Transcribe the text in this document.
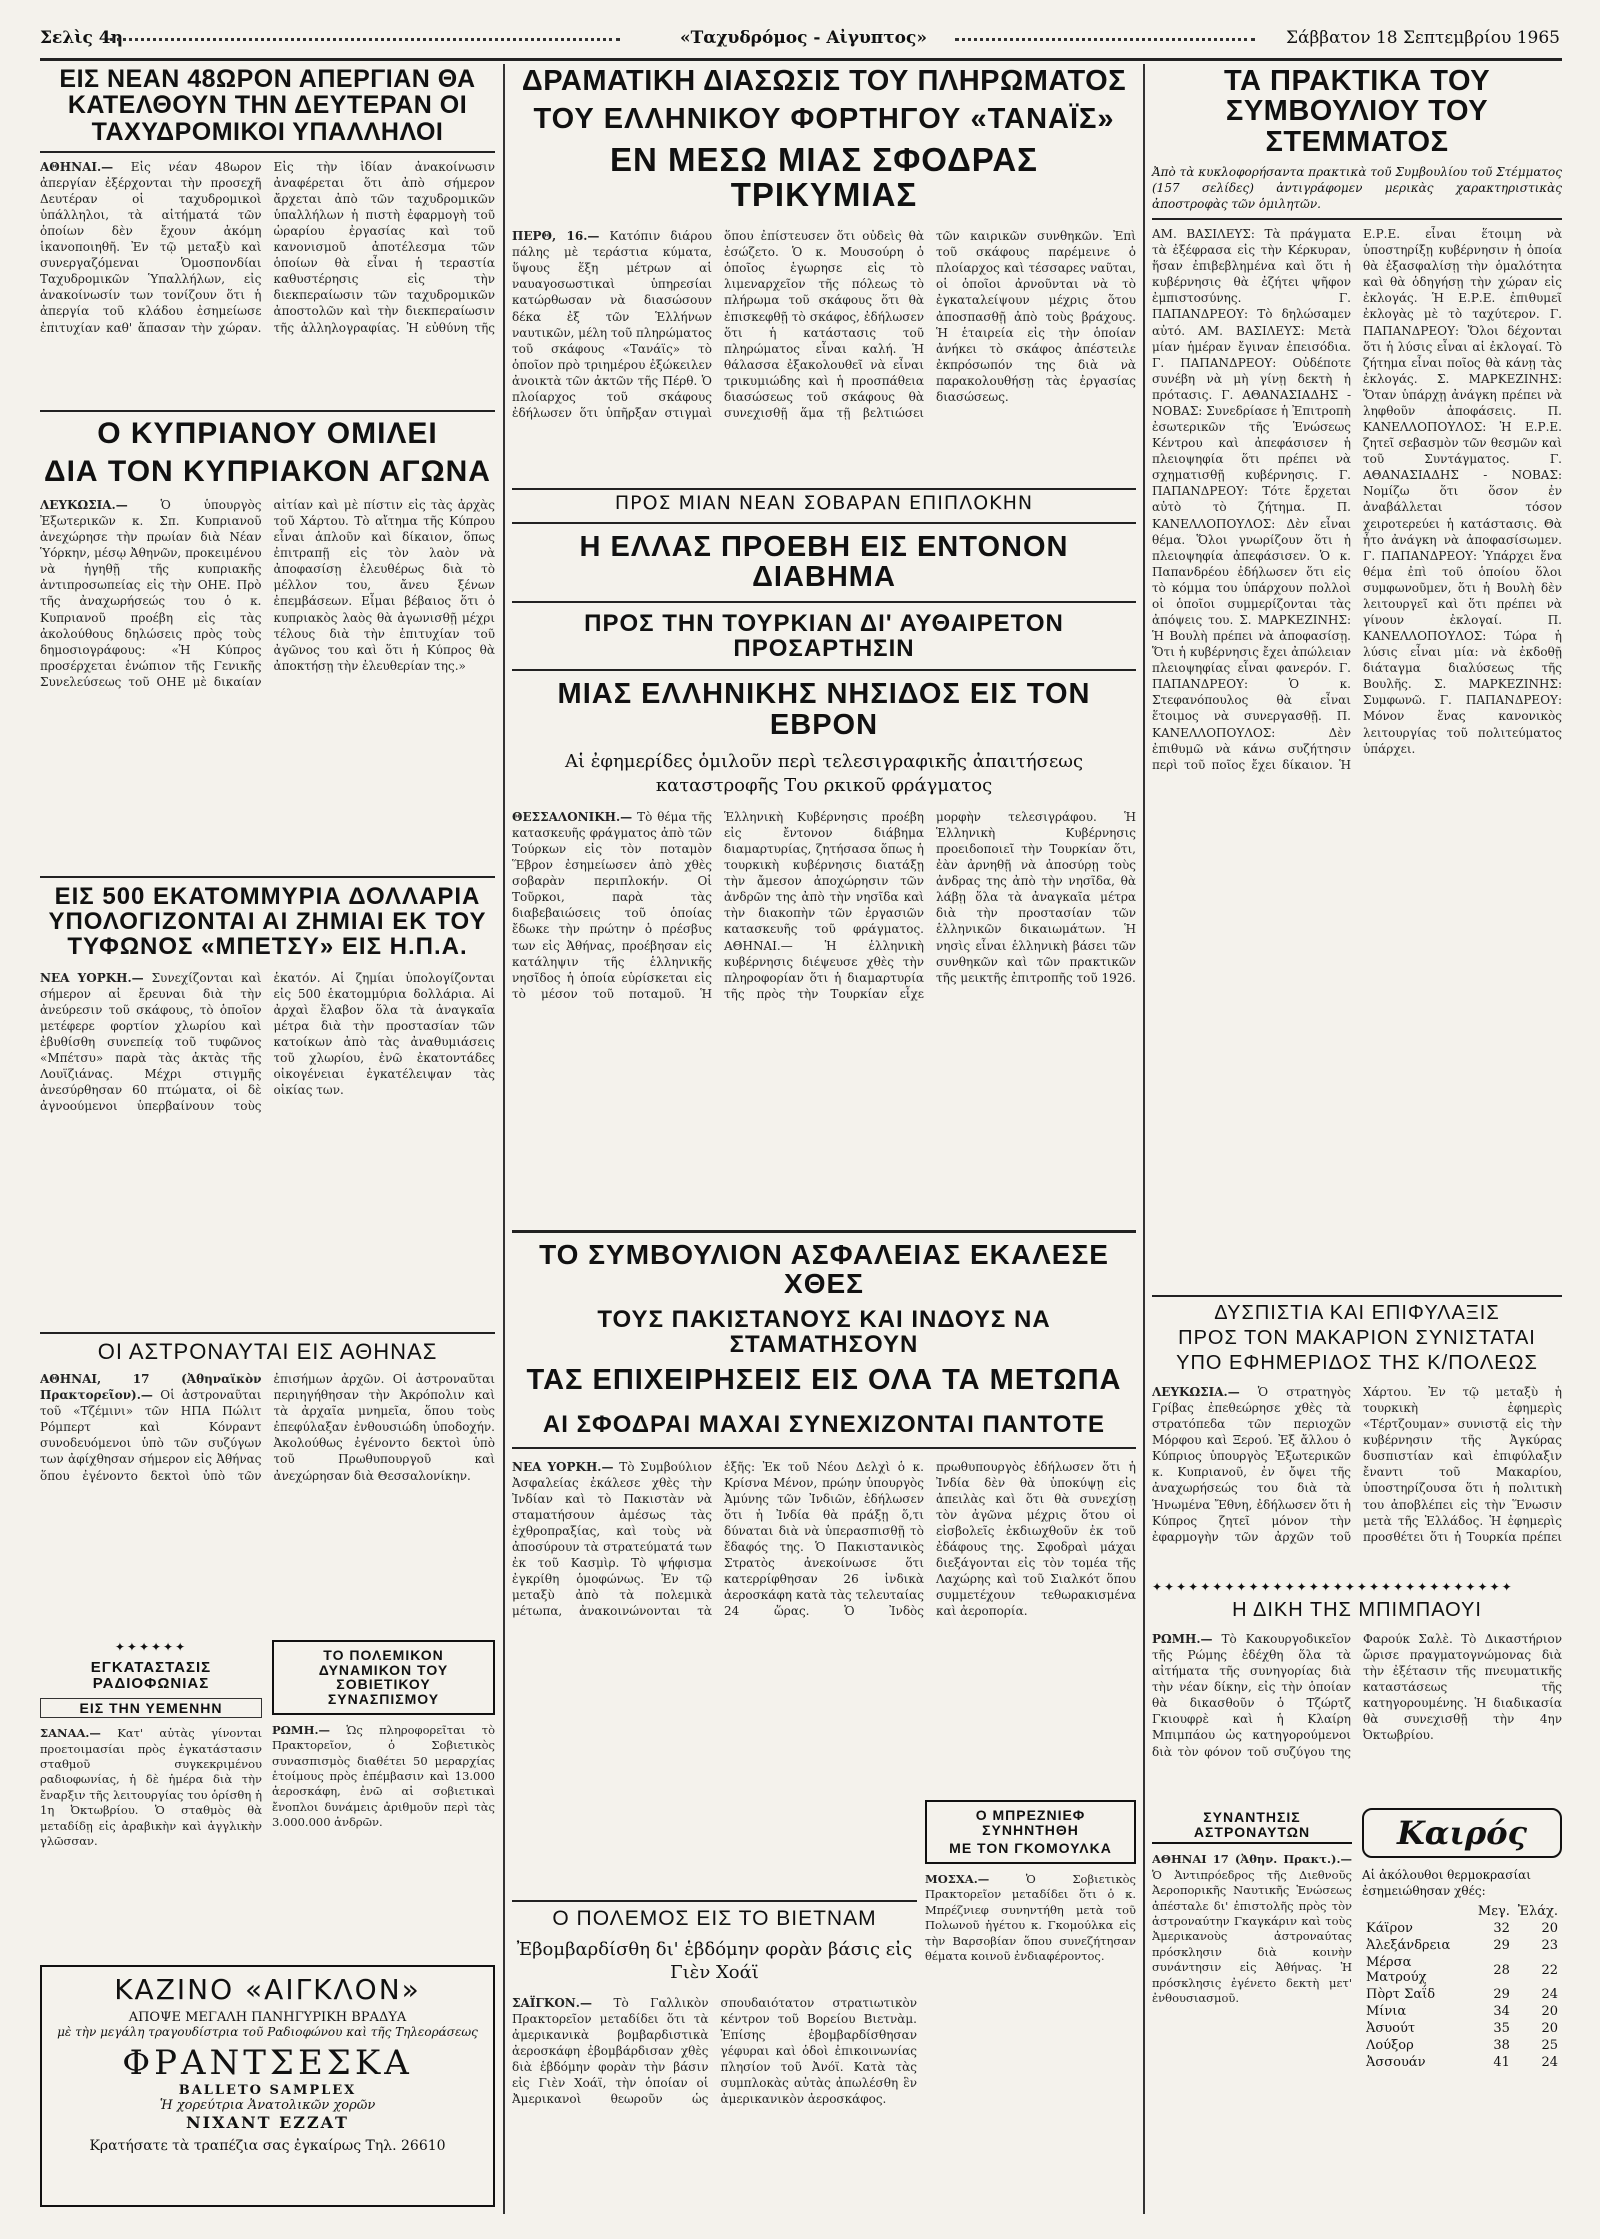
Σελὶς 4η	«Ταχυδρόμος - Αἰγυπτος»	Σάββατον 18 Σεπτεμβρίου 1965
ΕΙΣ ΝΕΑΝ 48ΩΡΟΝ ΑΠΕΡΓΙΑΝ ΘΑ ΚΑΤΕΛΘΟΥΝ ΤΗΝ ΔΕΥΤΕΡΑΝ ΟΙ ΤΑΧΥΔΡΟΜΙΚΟΙ ΥΠΑΛΛΗΛΟΙ

ΑΘΗΝΑΙ.— Εἰς νέαν 48ωρον ἀπεργίαν ἐξέρχονται τὴν προσεχῆ Δευτέραν οἱ ταχυδρομικοὶ ὑπάλληλοι, τὰ αἰτήματά τῶν ὁποίων δὲν ἔχουν ἀκόμη ἱκανοποιηθῆ. Ἐν τῷ μεταξὺ καὶ συνεργαζόμεναι Ὁμοσπονδίαι Ταχυδρομικῶν Ὑπαλλήλων, εἰς ἀνακοίνωσίν των τονίζουν ὅτι ἡ ἀπεργία τοῦ κλάδου ἐσημείωσε ἐπιτυχίαν καθ' ἅπασαν τὴν χώραν. Εἰς τὴν ἰδίαν ἀνακοίνωσιν ἀναφέρεται ὅτι ἀπὸ σήμερον ἄρχεται ἀπὸ τῶν ταχυδρομικῶν ὑπαλλήλων ἡ πιστὴ ἐφαρμογὴ τοῦ ὡραρίου ἐργασίας καὶ τοῦ κανονισμοῦ ἀποτέλεσμα τῶν ὁποίων θὰ εἶναι ἡ τεραστία καθυστέρησις εἰς τὴν διεκπεραίωσιν τῶν ταχυδρομικῶν ἀποστολῶν καὶ τὴν διεκπεραίωσιν τῆς ἀλληλογραφίας. Ἡ εὐθύνη τῆς

Ο ΚΥΠΡΙΑΝΟΥ ΟΜΙΛΕΙ
ΔΙΑ ΤΟΝ ΚΥΠΡΙΑΚΟΝ ΑΓΩΝΑ

ΛΕΥΚΩΣΙΑ.—	Ὁ ὑπουργὸς Ἐξωτερικῶν κ. Σπ. Κυπριανοῦ ἀνεχώρησε τὴν πρωίαν διὰ Νέαν Ὑόρκην, μέσῳ Ἀθηνῶν, προκειμένου νὰ ἡγηθῇ τῆς κυπριακῆς ἀντιπροσωπείας εἰς τὴν ΟΗΕ. Πρὸ τῆς ἀναχωρήσεώς του ὁ κ. Κυπριανοῦ προέβη εἰς τὰς ἀκολούθους δηλώσεις πρὸς τοὺς δημοσιογράφους: «Ἡ Κύπρος προσέρχεται ἑνώπιον τῆς Γενικῆς Συνελεύσεως τοῦ ΟΗΕ μὲ δικαίαν αἰτίαν καὶ μὲ πίστιν εἰς τὰς ἀρχὰς τοῦ Χάρτου. Τὸ αἴτημα τῆς Κύπρου εἶναι ἁπλοῦν καὶ δίκαιον, ὅπως ἐπιτραπῇ εἰς τὸν λαὸν νὰ ἀποφασίσῃ ἐλευθέρως διὰ τὸ μέλλον του, ἄνευ ξένων ἐπεμβάσεων. Εἶμαι βέβαιος ὅτι ὁ κυπριακὸς λαὸς θὰ ἀγωνισθῇ μέχρι τέλους διὰ τὴν ἐπιτυχίαν τοῦ ἀγῶνος του καὶ ὅτι ἡ Κύπρος θὰ ἀποκτήσῃ τὴν ἐλευθερίαν της.»

ΕΙΣ 500 ΕΚΑΤΟΜΜΥΡΙΑ ΔΟΛΛΑΡΙΑ ΥΠΟΛΟΓΙΖΟΝΤΑΙ ΑΙ ΖΗΜΙΑΙ ΕΚ ΤΟΥ ΤΥΦΩΝΟΣ «ΜΠΕΤΣΥ» ΕΙΣ Η.Π.Α.

ΝΕΑ ΥΟΡΚΗ.— Συνεχίζονται καὶ σήμερον αἱ ἔρευναι διὰ τὴν ἀνεύρεσιν τοῦ σκάφους, τὸ ὁποῖον μετέφερε φορτίον χλωρίου καὶ ἐβυθίσθη συνεπείᾳ τοῦ τυφῶνος «Μπέτσυ» παρὰ τὰς ἀκτὰς τῆς Λουϊζιάνας. Μέχρι στιγμῆς ἀνεσύρθησαν 60 πτώματα, οἱ δὲ ἀγνοούμενοι ὑπερβαίνουν τοὺς ἑκατόν. Αἱ ζημίαι ὑπολογίζονται εἰς 500 ἑκατομμύρια δολλάρια. Αἱ ἀρχαὶ ἔλαβον ὅλα τὰ ἀναγκαῖα μέτρα διὰ τὴν προστασίαν τῶν κατοίκων ἀπὸ τὰς ἀναθυμιάσεις τοῦ χλωρίου, ἐνῶ ἐκατοντάδες οἰκογένειαι ἐγκατέλειψαν τὰς οἰκίας των.

ΟΙ ΑΣΤΡΟΝΑΥΤΑΙ ΕΙΣ ΑΘΗΝΑΣ

ΑΘΗΝΑΙ, 17 (Ἀθηναϊκὸν Πρακτορεῖον).— Οἱ ἀστροναῦται τοῦ «Τζέμινι» τῶν ΗΠΑ Πώλιτ Ρόμπερτ καὶ Κόνραντ συνοδευόμενοι ὑπὸ τῶν συζύγων των ἀφίχθησαν σήμερον εἰς Ἀθήνας ὅπου ἐγένοντο δεκτοὶ ὑπὸ τῶν ἐπισήμων ἀρχῶν. Οἱ ἀστροναῦται περιηγήθησαν τὴν Ἀκρόπολιν καὶ τὰ ἀρχαῖα μνημεῖα, ὅπου τοὺς ἐπεφύλαξαν ἐνθουσιώδη ὑποδοχήν. Ἀκολούθως ἐγένοντο δεκτοὶ ὑπὸ τοῦ Πρωθυπουργοῦ καὶ ἀνεχώρησαν διὰ Θεσσαλονίκην.

✦✦✦✦✦✦
ΕΓΚΑΤΑΣΤΑΣΙΣ ΡΑΔΙΟΦΩΝΙΑΣ
ΕΙΣ ΤΗΝ ΥΕΜΕΝΗΝ

ΣΑΝΑΑ.— Κατ' αὐτὰς γίνονται προετοιμασίαι πρὸς ἐγκατάστασιν σταθμοῦ συγκεκριμένου ραδιοφωνίας, ἡ δὲ ἡμέρα διὰ τὴν ἔναρξιν τῆς λειτουργίας του ὁρίσθη ἡ 1η Ὀκτωβρίου. Ὁ σταθμὸς θὰ μεταδίδῃ εἰς ἀραβικὴν καὶ ἀγγλικὴν γλῶσσαν.

ΤΟ ΠΟΛΕΜΙΚΟΝ ΔΥΝΑΜΙΚΟΝ ΤΟΥ ΣΟΒΙΕΤΙΚΟΥ ΣΥΝΑΣΠΙΣΜΟΥ

ΡΩΜΗ.— Ὡς πληροφορεῖται τὸ Πρακτορεῖον, ὁ Σοβιετικὸς συνασπισμὸς διαθέτει 50 μεραρχίας ἑτοίμους πρὸς ἐπέμβασιν καὶ 13.000 ἀεροσκάφη, ἐνῶ αἱ σοβιετικαὶ ἔνοπλοι δυνάμεις ἀριθμοῦν περὶ τὰς 3.000.000 ἀνδρῶν.

ΚΑΖΙΝΟ «ΑΙΓΚΛΟΝ»
ΑΠΟΨΕ ΜΕΓΑΛΗ ΠΑΝΗΓΥΡΙΚΗ ΒΡΑΔΥΑ
μὲ τὴν μεγάλη τραγουδίστρια τοῦ Ραδιοφώνου καὶ τῆς Τηλεοράσεως
ΦΡΑΝΤΣΕΣΚΑ
BALLETO SAMPLEX
Ἡ χορεύτρια Ἀνατολικῶν χορῶν
ΝΙΧΑΝΤ ΕΖΖΑΤ
Κρατήσατε τὰ τραπέζια σας ἐγκαίρως Τηλ. 26610
ΔΡΑΜΑΤΙΚΗ ΔΙΑΣΩΣΙΣ ΤΟΥ ΠΛΗΡΩΜΑΤΟΣ
ΤΟΥ ΕΛΛΗΝΙΚΟΥ ΦΟΡΤΗΓΟΥ «ΤΑΝΑΪΣ»
ΕΝ ΜΕΣΩ ΜΙΑΣ ΣΦΟΔΡΑΣ ΤΡΙΚΥΜΙΑΣ

ΠΕΡΘ, 16.— Κατόπιν διάρου πάλης μὲ τεράστια κύματα, ὕψους ἕξη μέτρων αἱ ναυαγοσωστικαὶ ὑπηρεσίαι κατώρθωσαν νὰ διασώσουν δέκα ἐξ τῶν Ἑλλήνων ναυτικῶν, μέλη τοῦ πληρώματος τοῦ σκάφους «Τανάϊς» τὸ ὁποῖον πρὸ τριημέρου ἐξώκειλεν ἀνοικτὰ τῶν ἀκτῶν τῆς Πέρθ. Ὁ πλοίαρχος τοῦ σκάφους ἐδήλωσεν ὅτι ὑπῆρξαν στιγμαὶ ὅπου ἐπίστευσεν ὅτι οὐδεὶς θὰ ἐσώζετο. Ὁ κ. Μουσούρη ὁ ὁποῖος ἐγωρησε εἰς τὸ λιμεναρχεῖον τῆς πόλεως τὸ πλήρωμα τοῦ σκάφους ὅτι θὰ ἐπισκεφθῇ τὸ σκάφος, ἐδήλωσεν ὅτι ἡ κατάστασις τοῦ πληρώματος εἶναι καλή. Ἡ θάλασσα ἐξακολουθεῖ νὰ εἶναι τρικυμιώδης καὶ ἡ προσπάθεια διασώσεως τοῦ σκάφους θὰ συνεχισθῇ ἅμα τῇ βελτιώσει τῶν καιρικῶν συνθηκῶν. Ἐπὶ τοῦ σκάφους παρέμεινε ὁ πλοίαρχος καὶ τέσσαρες ναῦται, οἱ ὁποῖοι ἀρνοῦνται νὰ τὸ ἐγκαταλείψουν μέχρις ὅτου ἀποσπασθῇ ἀπὸ τοὺς βράχους. Ἡ ἑταιρεία εἰς τὴν ὁποίαν ἀνήκει τὸ σκάφος ἀπέστειλε ἐκπρόσωπόν της διὰ νὰ παρακολουθήσῃ τὰς ἐργασίας διασώσεως.

ΠΡΟΣ ΜΙΑΝ ΝΕΑΝ ΣΟΒΑΡΑΝ ΕΠΙΠΛΟΚΗΝ
Η ΕΛΛΑΣ ΠΡΟΕΒΗ ΕΙΣ ΕΝΤΟΝΟΝ ΔΙΑΒΗΜΑ
ΠΡΟΣ ΤΗΝ ΤΟΥΡΚΙΑΝ ΔΙ' ΑΥΘΑΙΡΕΤΟΝ ΠΡΟΣΑΡΤΗΣΙΝ
ΜΙΑΣ ΕΛΛΗΝΙΚΗΣ ΝΗΣΙΔΟΣ ΕΙΣ ΤΟΝ ΕΒΡΟΝ
Αἱ ἐφημερίδες ὁμιλοῦν περὶ τελεσιγραφικῆς ἀπαιτήσεως καταστροφῆς Του ρκικοῦ φράγματος

ΘΕΣΣΑΛΟΝΙΚΗ.— Τὸ θέμα τῆς κατασκευῆς φράγματος ἀπὸ τῶν Τούρκων εἰς τὸν ποταμὸν Ἕβρον ἐσημείωσεν ἀπὸ χθὲς σοβαρὰν περιπλοκήν. Οἱ Τοῦρκοι, παρὰ τὰς διαβεβαιώσεις τοῦ ὁποίας ἔδωκε τὴν πρώτην ὁ πρέσβυς των εἰς Ἀθήνας, προέβησαν εἰς κατάληψιν τῆς ἑλληνικῆς νησῖδος ἡ ὁποία εὑρίσκεται εἰς τὸ μέσον τοῦ ποταμοῦ. Ἡ Ἑλληνικὴ Κυβέρνησις προέβη εἰς ἔντονον διάβημα διαμαρτυρίας, ζητήσασα ὅπως ἡ τουρκικὴ κυβέρνησις διατάξῃ τὴν ἄμεσον ἀποχώρησιν τῶν ἀνδρῶν της ἀπὸ τὴν νησῖδα καὶ τὴν διακοπὴν τῶν ἐργασιῶν κατασκευῆς τοῦ φράγματος. ΑΘΗΝΑΙ.— Ἡ ἑλληνικὴ κυβέρνησις διέψευσε χθὲς τὴν πληροφορίαν ὅτι ἡ διαμαρτυρία τῆς πρὸς τὴν Τουρκίαν εἶχε μορφὴν τελεσιγράφου. Ἡ Ἑλληνικὴ Κυβέρνησις προειδοποιεῖ τὴν Τουρκίαν ὅτι, ἐὰν ἀρνηθῇ νὰ ἀποσύρῃ τοὺς ἀνδρας της ἀπὸ τὴν νησῖδα, θὰ λάβῃ ὅλα τὰ ἀναγκαῖα μέτρα διὰ τὴν προστασίαν τῶν ἑλληνικῶν δικαιωμάτων. Ἡ νησὶς εἶναι ἑλληνικὴ βάσει τῶν συνθηκῶν καὶ τῶν πρακτικῶν τῆς μεικτῆς ἐπιτροπῆς τοῦ 1926.

ΤΟ ΣΥΜΒΟΥΛΙΟΝ ΑΣΦΑΛΕΙΑΣ ΕΚΑΛΕΣΕ ΧΘΕΣ
ΤΟΥΣ ΠΑΚΙΣΤΑΝΟΥΣ ΚΑΙ ΙΝΔΟΥΣ ΝΑ ΣΤΑΜΑΤΗΣΟΥΝ
ΤΑΣ ΕΠΙΧΕΙΡΗΣΕΙΣ ΕΙΣ ΟΛΑ ΤΑ ΜΕΤΩΠΑ
ΑΙ ΣΦΟΔΡΑΙ ΜΑΧΑΙ ΣΥΝΕΧΙΖΟΝΤΑΙ ΠΑΝΤΟΤΕ

ΝΕΑ ΥΟΡΚΗ.— Τὸ Συμβούλιον Ἀσφαλείας ἐκάλεσε χθὲς τὴν Ἰνδίαν καὶ τὸ Πακιστὰν νὰ σταματήσουν ἀμέσως τὰς ἐχθροπραξίας, καὶ τοὺς νὰ ἀποσύρουν τὰ στρατεύματά των ἐκ τοῦ Κασμὶρ. Τὸ ψήφισμα ἐγκρίθη ὁμοφώνως. Ἐν τῷ μεταξὺ ἀπὸ τὰ πολεμικὰ μέτωπα, ἀνακοινώνονται τὰ ἑξῆς: Ἐκ τοῦ Νέου Δελχὶ ὁ κ. Κρίσνα Μένον, πρώην ὑπουργὸς Ἀμύνης τῶν Ἰνδιῶν, ἐδήλωσεν ὅτι ἡ Ἰνδία θὰ πράξῃ ὅ,τι δύναται διὰ νὰ ὑπερασπισθῇ τὸ ἔδαφός της. Ὁ Πακιστανικὸς Στρατὸς ἀνεκοίνωσε ὅτι κατερρίφθησαν 26 ἰνδικὰ ἀεροσκάφη κατὰ τὰς τελευταίας 24 ὥρας. Ὁ Ἰνδὸς πρωθυπουργὸς ἐδήλωσεν ὅτι ἡ Ἰνδία δὲν θὰ ὑποκύψῃ εἰς ἀπειλὰς καὶ ὅτι θὰ συνεχίσῃ τὸν ἀγῶνα μέχρις ὅτου οἱ εἰσβολεῖς ἐκδιωχθοῦν ἐκ τοῦ ἐδάφους της. Σφοδραὶ μάχαι διεξάγονται εἰς τὸν τομέα τῆς Λαχώρης καὶ τοῦ Σιαλκότ ὅπου συμμετέχουν τεθωρακισμένα καὶ ἀεροπορία.

Ο ΠΟΛΕΜΟΣ ΕΙΣ ΤΟ ΒΙΕΤΝΑΜ
Ἐβομβαρδίσθη δι' ἑβδόμην φορὰν βάσις εἰς Γιὲν Χοάϊ

ΣΑΪΓΚΟΝ.— Τὸ Γαλλικὸν Πρακτορεῖον μεταδίδει ὅτι τὰ ἀμερικανικὰ βομβαρδιστικὰ ἀεροσκάφη ἐβομβάρδισαν χθὲς διὰ ἑβδόμην φορὰν τὴν βάσιν εἰς Γιὲν Χοάϊ, τὴν ὁποίαν οἱ Ἀμερικανοὶ θεωροῦν ὡς σπουδαιότατον στρατιωτικὸν κέντρον τοῦ Βορείου Βιετνὰμ. Ἐπίσης ἐβομβαρδίσθησαν γέφυραι καὶ ὁδοὶ ἐπικοινωνίας πλησίον τοῦ Ἀνόϊ. Κατὰ τὰς συμπλοκὰς αὐτὰς ἀπωλέσθη ἓν ἀμερικανικὸν ἀεροσκάφος.

Ο ΜΠΡΕΖΝΙΕΦ ΣΥΝΗΝΤΗΘΗ
ΜΕ ΤΟΝ ΓΚΟΜΟΥΛΚΑ

ΜΟΣΧΑ.—	Ὁ Σοβιετικὸς Πρακτορεῖον μεταδίδει ὅτι ὁ κ. Μπρέζνιεφ συνηντήθη μετὰ τοῦ Πολωνοῦ ἡγέτου κ. Γκομούλκα εἰς τὴν Βαρσοβίαν ὅπου συνεζήτησαν θέματα κοινοῦ ἐνδιαφέροντος.

ΤΑ ΠΡΑΚΤΙΚΑ ΤΟΥ ΣΥΜΒΟΥΛΙΟΥ ΤΟΥ ΣΤΕΜΜΑΤΟΣ

Ἀπὸ τὰ κυκλοφορήσαντα πρακτικὰ τοῦ Συμβουλίου τοῦ Στέμματος (157 σελίδες) ἀντιγράφομεν μερικὰς χαρακτηριστικὰς ἀποστροφὰς τῶν ὁμιλητῶν.

ΑΜ. ΒΑΣΙΛΕΥΣ: Τὰ πράγματα τὰ ἐξέφρασα εἰς τὴν Κέρκυραν, ἥσαν ἐπιβεβλημένα καὶ ὅτι ἡ κυβέρνησις θὰ ἐζήτει ψῆφον ἐμπιστοσύνης. Γ. ΠΑΠΑΝΔΡΕΟΥ: Τὸ δηλώσαμεν αὐτό. ΑΜ. ΒΑΣΙΛΕΥΣ: Μετὰ μίαν ἡμέραν ἔγιναν ἐπεισόδια. Γ. ΠΑΠΑΝΔΡΕΟΥ: Οὐδέποτε συνέβη νὰ μὴ γίνῃ δεκτὴ ἡ πρότασις. Γ. ΑΘΑΝΑΣΙΑΔΗΣ - ΝΟΒΑΣ: Συνεδρίασε ἡ Ἐπιτροπὴ ἐσωτερικῶν τῆς Ἑνώσεως Κέντρου καὶ ἀπεφάσισεν ἡ πλειοψηφία ὅτι πρέπει νὰ σχηματισθῇ κυβέρνησις. Γ. ΠΑΠΑΝΔΡΕΟΥ: Τότε ἔρχεται αὐτὸ τὸ ζήτημα. Π. ΚΑΝΕΛΛΟΠΟΥΛΟΣ: Δὲν εἶναι θέμα. Ὅλοι γνωρίζουν ὅτι ἡ πλειοψηφία ἀπεφάσισεν. Ὁ κ. Παπανδρέου ἐδήλωσεν ὅτι εἰς τὸ κόμμα του ὑπάρχουν πολλοὶ οἱ ὁποῖοι συμμερίζονται τὰς ἀπόψεις του. Σ. ΜΑΡΚΕΖΙΝΗΣ: Ἡ Βουλὴ πρέπει νὰ ἀποφασίσῃ. Ὅτι ἡ κυβέρνησις ἔχει ἀπώλειαν πλειοψηφίας εἶναι φανερόν. Γ. ΠΑΠΑΝΔΡΕΟΥ: Ὁ κ. Στεφανόπουλος θὰ εἶναι ἕτοιμος νὰ συνεργασθῇ. Π. ΚΑΝΕΛΛΟΠΟΥΛΟΣ: Δὲν ἐπιθυμῶ νὰ κάνω συζήτησιν περὶ τοῦ ποῖος ἔχει δίκαιον. Ἡ Ε.Ρ.Ε. εἶναι ἕτοιμη νὰ ὑποστηρίξῃ κυβέρνησιν ἡ ὁποία θὰ ἐξασφαλίσῃ τὴν ὁμαλότητα καὶ θὰ ὁδηγήσῃ τὴν χώραν εἰς ἐκλογάς. Ἡ Ε.Ρ.Ε. ἐπιθυμεῖ ἐκλογὰς μὲ τὸ ταχύτερον. Γ. ΠΑΠΑΝΔΡΕΟΥ: Ὅλοι δέχονται ὅτι ἡ λύσις εἶναι αἱ ἐκλογαί. Τὸ ζήτημα εἶναι ποῖος θὰ κάνῃ τὰς ἐκλογάς. Σ. ΜΑΡΚΕΖΙΝΗΣ: Ὅταν ὑπάρχῃ ἀνάγκη πρέπει νὰ ληφθοῦν ἀποφάσεις. Π. ΚΑΝΕΛΛΟΠΟΥΛΟΣ: Ἡ Ε.Ρ.Ε. ζητεῖ σεβασμὸν τῶν θεσμῶν καὶ τοῦ Συντάγματος. Γ. ΑΘΑΝΑΣΙΑΔΗΣ - ΝΟΒΑΣ: Νομίζω ὅτι ὅσον ἐν ἀναβάλλεται τόσον χειροτερεύει ἡ κατάστασις. Θὰ ἦτο ἀνάγκη νὰ ἀποφασίσωμεν. Γ. ΠΑΠΑΝΔΡΕΟΥ: Ὑπάρχει ἕνα θέμα ἐπὶ τοῦ ὁποίου ὅλοι συμφωνοῦμεν, ὅτι ἡ Βουλὴ δὲν λειτουργεῖ καὶ ὅτι πρέπει νὰ γίνουν ἐκλογαί. Π. ΚΑΝΕΛΛΟΠΟΥΛΟΣ: Τώρα ἡ λύσις εἶναι μία: νὰ ἐκδοθῇ διάταγμα διαλύσεως τῆς Βουλῆς. Σ. ΜΑΡΚΕΖΙΝΗΣ: Συμφωνῶ. Γ. ΠΑΠΑΝΔΡΕΟΥ: Μόνον ἕνας κανονικὸς λειτουργίας τοῦ πολιτεύματος ὑπάρχει.

ΔΥΣΠΙΣΤΙΑ ΚΑΙ ΕΠΙΦΥΛΑΞΙΣ
ΠΡΟΣ ΤΟΝ ΜΑΚΑΡΙΟΝ ΣΥΝΙΣΤΑΤΑΙ
ΥΠΟ ΕΦΗΜΕΡΙΔΟΣ ΤΗΣ Κ/ΠΟΛΕΩΣ

ΛΕΥΚΩΣΙΑ.— Ὁ στρατηγὸς Γρίβας ἐπεθεώρησε χθὲς τὰ στρατόπεδα τῶν περιοχῶν Μόρφου καὶ Ξερού. Ἐξ ἄλλου ὁ Κύπριος ὑπουργὸς Ἐξωτερικῶν κ. Κυπριανοῦ, ἐν ὄψει τῆς ἀναχωρήσεώς του διὰ τὰ Ἡνωμένα Ἔθνη, ἐδήλωσεν ὅτι ἡ Κύπρος ζητεῖ μόνον τὴν ἐφαρμογὴν τῶν ἀρχῶν τοῦ Χάρτου. Ἐν τῷ μεταξὺ ἡ τουρκικὴ ἐφημερὶς «Τέρτζουμαν» συνιστᾷ εἰς τὴν κυβέρνησιν τῆς Ἀγκύρας δυσπιστίαν καὶ ἐπιφύλαξιν ἔναντι τοῦ Μακαρίου, ὑποστηρίζουσα ὅτι ἡ πολιτικὴ του ἀποβλέπει εἰς τὴν Ἕνωσιν μετὰ τῆς Ἑλλάδος. Ἡ ἐφημερὶς προσθέτει ὅτι ἡ Τουρκία πρέπει

✦✦✦✦✦✦✦✦✦✦✦✦✦✦✦✦✦✦✦✦✦✦✦✦✦✦✦✦✦✦
Η ΔΙΚΗ ΤΗΣ ΜΠΙΜΠΑΟΥΙ

ΡΩΜΗ.— Τὸ Κακουργοδικεῖον τῆς Ρώμης ἐδέχθη ὅλα τὰ αἰτήματα τῆς συνηγορίας διὰ τὴν νέαν δίκην, εἰς τὴν ὁποίαν θὰ δικασθοῦν ὁ Τζώρτζ Γκιουφρὲ καὶ ἡ Κλαίρη Μπιμπάου ὡς κατηγορούμενοι διὰ τὸν φόνον τοῦ συζύγου της Φαρούκ Σαλὲ. Τὸ Δικαστήριον ὥρισε πραγματογνώμονας διὰ τὴν ἐξέτασιν τῆς πνευματικῆς καταστάσεως τῆς κατηγορουμένης. Ἡ διαδικασία θὰ συνεχισθῇ τὴν 4ην Ὀκτωβρίου.

ΣΥΝΑΝΤΗΣΙΣ ΑΣΤΡΟΝΑΥΤΩΝ

ΑΘΗΝΑΙ 17 (Ἀθην. Πρακτ.).— Ὁ Ἀντιπρόεδρος τῆς Διεθνοῦς Ἀεροπορικῆς Ναυτικῆς Ἑνώσεως ἀπέσταλε δι' ἐπιστολῆς πρὸς τὸν ἀστροναύτην Γκαγκάριν καὶ τοὺς Ἀμερικανοὺς ἀστροναύτας πρόσκλησιν διὰ κοινὴν συνάντησιν εἰς Ἀθήνας. Ἡ πρόσκλησις ἐγένετο δεκτὴ μετ' ἐνθουσιασμοῦ.

Καιρός

Αἱ ἀκόλουθοι θερμοκρασίαι ἐσημειώθησαν χθές:

	Μεγ.	Ἐλάχ.
Κάϊρον	32	20
Ἀλεξάνδρεια	29	23
Μέρσα Ματρούχ	28	22
Πὸρτ Σαΐδ	29	24
Μίνια	34	20
Ἀσυούτ	35	20
Λούξορ	38	25
Ἀσσουάν	41	24
